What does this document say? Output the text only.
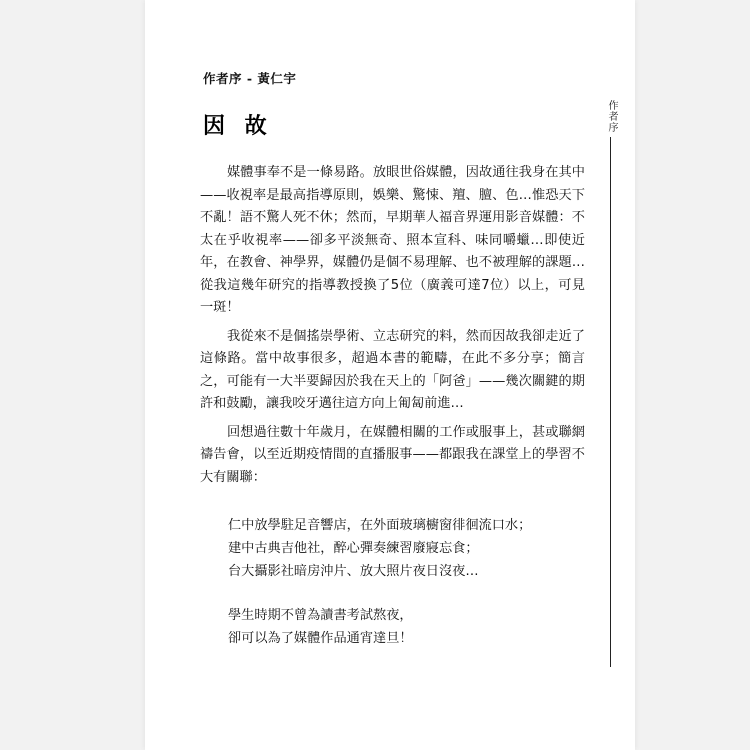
作者序 - 黃仁宇
因 故	作者序

媒體事奉不是一條易路。放眼世俗媒體，因故通往我身在其中——收視率是最高指導原則，娛樂、驚悚、羶、膻、色…惟恐天下不亂！語不驚人死不休；然而，早期華人福音界運用影音媒體：不太在乎收視率——卻多平淡無奇、照本宣科、味同嚼蠟…即使近年，在教會、神學界，媒體仍是個不易理解、也不被理解的課題…從我這幾年研究的指導教授換了5位（廣義可達7位）以上，可見一斑！

我從來不是個搖崇學術、立志研究的料，然而因故我卻走近了這條路。當中故事很多，超過本書的範疇，在此不多分享；簡言之，可能有一大半要歸因於我在天上的「阿爸」——幾次關鍵的期許和鼓勵，讓我咬牙邁往這方向上匍匐前進…

回想過往數十年歲月，在媒體相關的工作或服事上，甚或聯網禱告會，以至近期疫情間的直播服事——都跟我在課堂上的學習不大有關聯：

仁中放學駐足音響店，在外面玻璃櫥窗徘徊流口水；
建中古典吉他社，醉心彈奏練習廢寢忘食；
台大攝影社暗房沖片、放大照片夜日沒夜…
學生時期不曾為讀書考試熬夜，
卻可以為了媒體作品通宵達旦！
